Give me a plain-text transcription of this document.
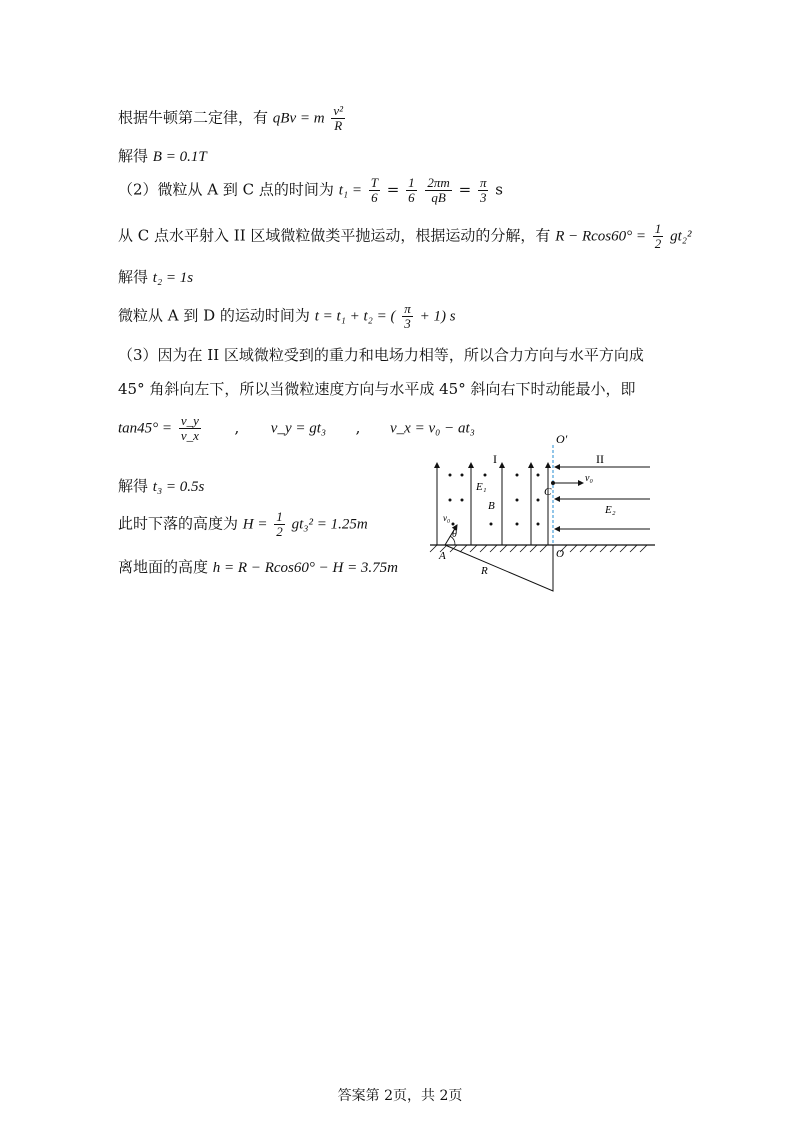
根据牛顿第二定律，有 qBv = m $\frac{\text{v²}}{R}$
解得 B = 0.1T
（2）微粒从 A 到 C 点的时间为 $t_1 = \frac{T}{6} = \frac{1}{6}$
$\frac{2\pi m}{qB} = \frac{\pi}{3}$ s
从 C 点水平射入 II 区域微粒做类平抛运动，根据运动的分解，有 $R - Rcos60^\circ = \frac{1}{2} gt_2^2$
解得 t₂ = 1s
微粒从 A 到 D 的运动时间为 t = t₁ + t₂ = ( $\frac{\pi}{3} + 1$) s
（3）因为在 II 区域微粒受到的重力和电场力相等，所以合力方向与水平方向成
45° 角斜向左下，所以当微粒速度方向与水平成 45° 斜向右下时动能最小，即
$\tan 45^\circ = \frac{v\_y}{v\_x}$ , v_y = gt₃ , v_x = v₀ − at₃
解得 t₃ = 0.5s
此时下落的高度为 $H = \frac{1}{2} gt_3^2 = 1.25m$
离地面的高度 h = R − Rcos60° − H = 3.75m
O′
I	II
E₁
E₂
B
C
v₀
v₀
θ
A	O
R
答案第 2页，共 2页
